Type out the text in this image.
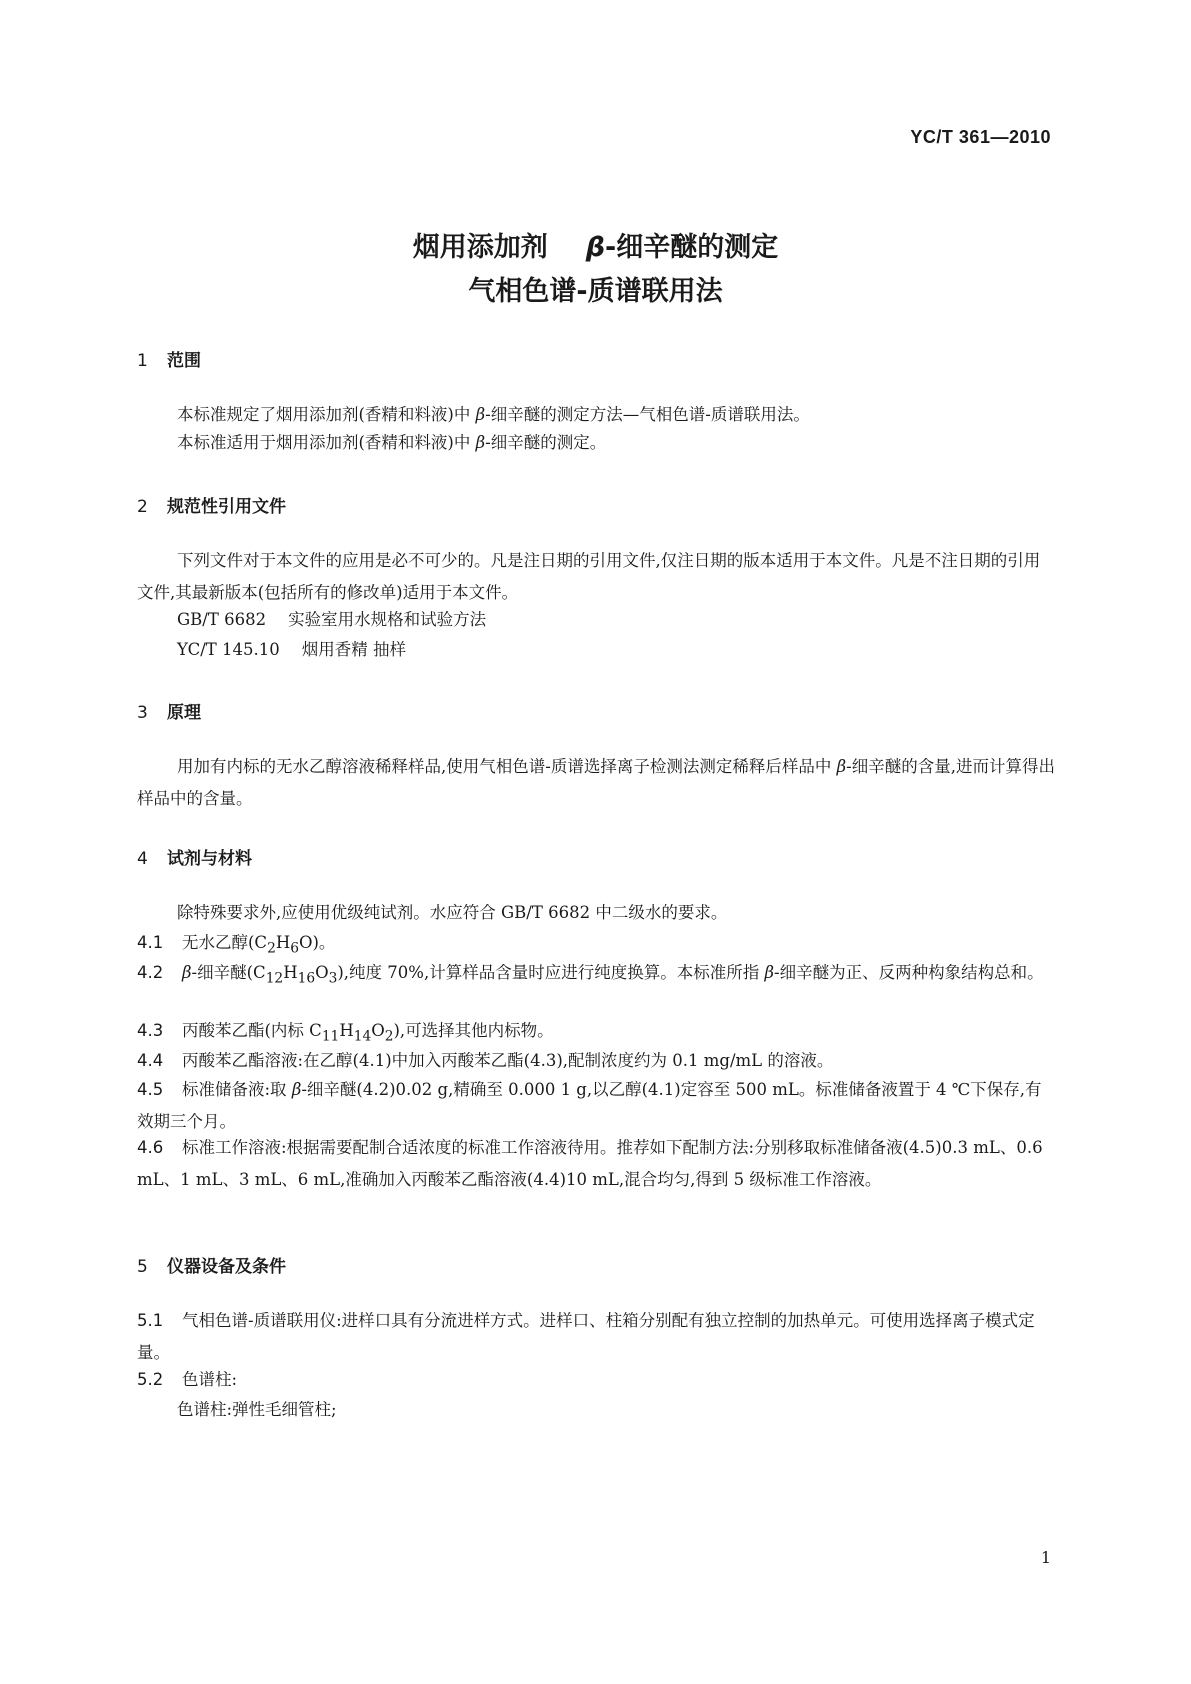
YC/T 361—2010
烟用添加剂 β-细辛醚的测定
气相色谱-质谱联用法
1 范围
本标准规定了烟用添加剂(香精和料液)中 β-细辛醚的测定方法—气相色谱-质谱联用法。
本标准适用于烟用添加剂(香精和料液)中 β-细辛醚的测定。
2 规范性引用文件
下列文件对于本文件的应用是必不可少的。凡是注日期的引用文件,仅注日期的版本适用于本文件。凡是不注日期的引用文件,其最新版本(包括所有的修改单)适用于本文件。
GB/T 6682 实验室用水规格和试验方法
YC/T 145.10 烟用香精 抽样
3 原理
用加有内标的无水乙醇溶液稀释样品,使用气相色谱-质谱选择离子检测法测定稀释后样品中 β-细辛醚的含量,进而计算得出样品中的含量。
4 试剂与材料
除特殊要求外,应使用优级纯试剂。水应符合 GB/T 6682 中二级水的要求。
4.1 无水乙醇$(C_2H_6O)$。
4.2 β-细辛醚$(C_{12}H_{16}O_3)$,纯度 70%,计算样品含量时应进行纯度换算。本标准所指 β-细辛醚为正、反两种构象结构总和。
4.3 丙酸苯乙酯(内标 $C_{11}H_{14}O_2$),可选择其他内标物。
4.4 丙酸苯乙酯溶液:在乙醇(4.1)中加入丙酸苯乙酯(4.3),配制浓度约为 0.1 mg/mL 的溶液。
4.5 标准储备液:取 β-细辛醚(4.2)0.02 g,精确至 0.000 1 g,以乙醇(4.1)定容至 500 mL。标准储备液置于 4 ℃下保存,有效期三个月。
4.6 标准工作溶液:根据需要配制合适浓度的标准工作溶液待用。推荐如下配制方法:分别移取标准储备液(4.5)0.3 mL、0.6 mL、1 mL、3 mL、6 mL,准确加入丙酸苯乙酯溶液(4.4)10 mL,混合均匀,得到 5 级标准工作溶液。
5 仪器设备及条件
5.1 气相色谱-质谱联用仪:进样口具有分流进样方式。进样口、柱箱分别配有独立控制的加热单元。可使用选择离子模式定量。
5.2 色谱柱:
色谱柱:弹性毛细管柱;
1
